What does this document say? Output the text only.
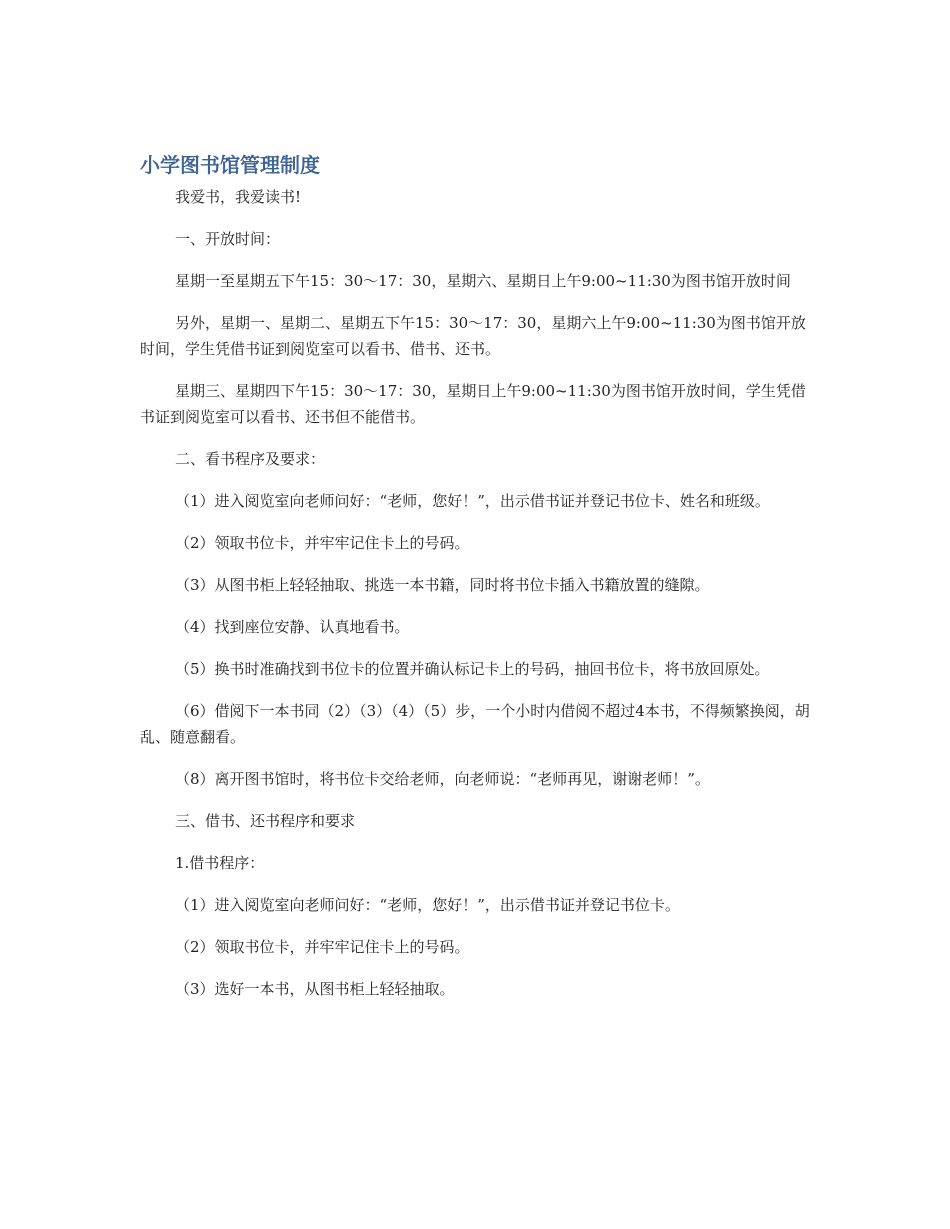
小学图书馆管理制度

我爱书，我爱读书!

一、开放时间：

星期一至星期五下午15：30～17：30，星期六、星期日上午9:00~11:30为图书馆开放时间

另外，星期一、星期二、星期五下午15：30～17：30，星期六上午9:00~11:30为图书馆开放时间，学生凭借书证到阅览室可以看书、借书、还书。

星期三、星期四下午15：30～17：30，星期日上午9:00~11:30为图书馆开放时间，学生凭借书证到阅览室可以看书、还书但不能借书。

二、看书程序及要求：

（1）进入阅览室向老师问好：“老师，您好！”，出示借书证并登记书位卡、姓名和班级。

（2）领取书位卡，并牢牢记住卡上的号码。

（3）从图书柜上轻轻抽取、挑选一本书籍，同时将书位卡插入书籍放置的缝隙。

（4）找到座位安静、认真地看书。

（5）换书时准确找到书位卡的位置并确认标记卡上的号码，抽回书位卡，将书放回原处。

（6）借阅下一本书同（2）（3）（4）（5）步，一个小时内借阅不超过4本书，不得频繁换阅，胡乱、随意翻看。

（8）离开图书馆时，将书位卡交给老师，向老师说：“老师再见，谢谢老师！”。

三、借书、还书程序和要求

1.借书程序：

（1）进入阅览室向老师问好：“老师，您好！”，出示借书证并登记书位卡。

（2）领取书位卡，并牢牢记住卡上的号码。

（3）选好一本书，从图书柜上轻轻抽取。
